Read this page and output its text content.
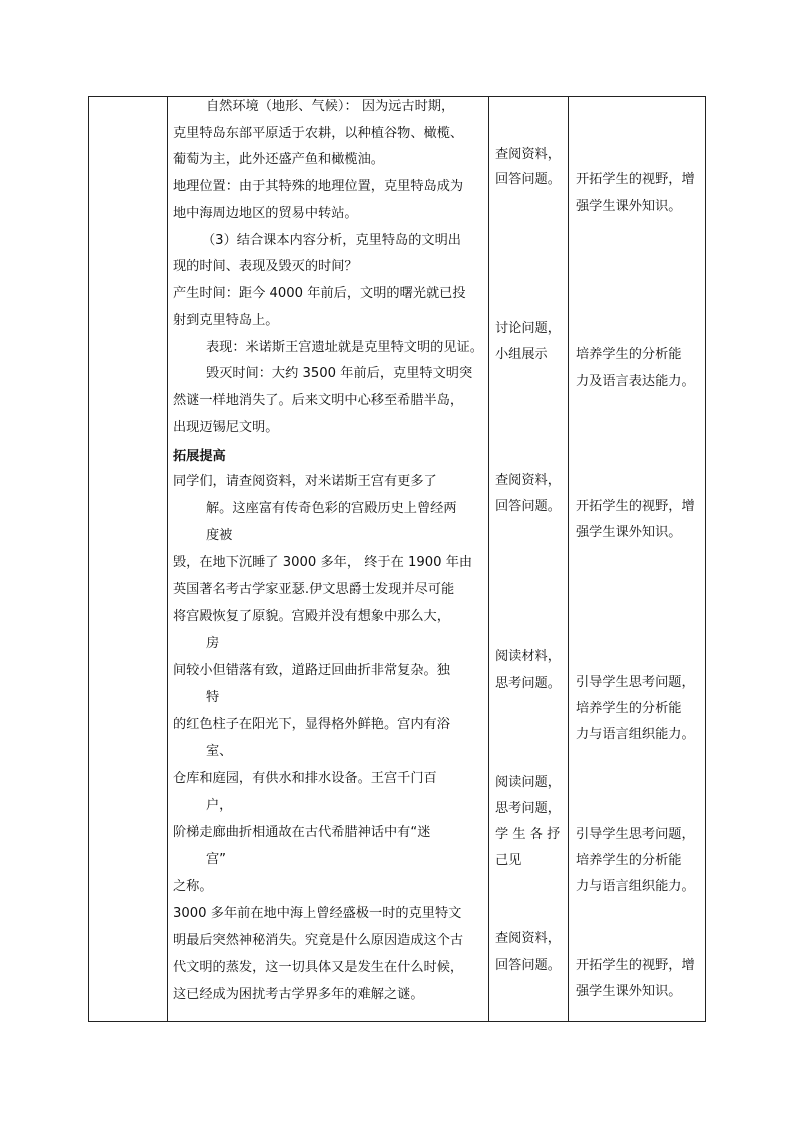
自然环境（地形、气候）： 因为远古时期，
克里特岛东部平原适于农耕，以种植谷物、橄榄、
葡萄为主，此外还盛产鱼和橄榄油。
地理位置：由于其特殊的地理位置，克里特岛成为
地中海周边地区的贸易中转站。
（3）结合课本内容分析，克里特岛的文明出
现的时间、表现及毁灭的时间？
产生时间：距今 4000 年前后，文明的曙光就已投
射到克里特岛上。
表现：米诺斯王宫遗址就是克里特文明的见证。
毁灭时间：大约 3500 年前后，克里特文明突
然谜一样地消失了。后来文明中心移至希腊半岛，
出现迈锡尼文明。
拓展提高
同学们，请查阅资料，对米诺斯王宫有更多了
解。这座富有传奇色彩的宫殿历史上曾经两
度被
毁，在地下沉睡了 3000 多年， 终于在 1900 年由
英国著名考古学家亚瑟.伊文思爵士发现并尽可能
将宫殿恢复了原貌。宫殿并没有想象中那么大，
房
间较小但错落有致，道路迂回曲折非常复杂。独
特
的红色柱子在阳光下，显得格外鲜艳。宫内有浴
室、
仓库和庭园，有供水和排水设备。王宫千门百
户，
阶梯走廊曲折相通故在古代希腊神话中有“迷
宫”
之称。
3000 多年前在地中海上曾经盛极一时的克里特文
明最后突然神秘消失。究竟是什么原因造成这个古
代文明的蒸发，这一切具体又是发生在什么时候，
这已经成为困扰考古学界多年的难解之谜。
查阅资料，
回答问题。
讨论问题，
小组展示
查阅资料，
回答问题。
阅读材料，
思考问题。
阅读问题，
思考问题，
学 生 各 抒
己见
查阅资料，
回答问题。
开拓学生的视野，增
强学生课外知识。
培养学生的分析能
力及语言表达能力。
开拓学生的视野，增
强学生课外知识。
引导学生思考问题，
培养学生的分析能
力与语言组织能力。
引导学生思考问题，
培养学生的分析能
力与语言组织能力。
开拓学生的视野，增
强学生课外知识。
